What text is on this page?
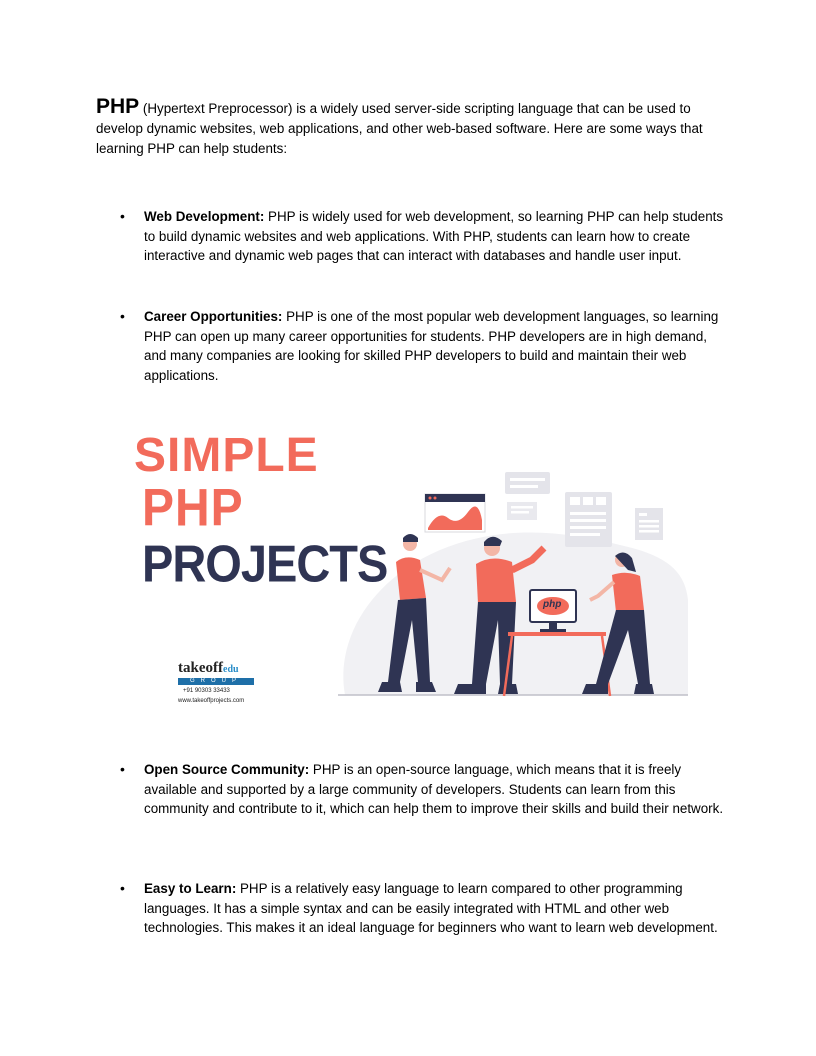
PHP (Hypertext Preprocessor) is a widely used server-side scripting language that can be used to develop dynamic websites, web applications, and other web-based software. Here are some ways that learning PHP can help students:

• Web Development: PHP is widely used for web development, so learning PHP can help students to build dynamic websites and web applications. With PHP, students can learn how to create interactive and dynamic web pages that can interact with databases and handle user input.

• Career Opportunities: PHP is one of the most popular web development languages, so learning PHP can open up many career opportunities for students. PHP developers are in high demand, and many companies are looking for skilled PHP developers to build and maintain their web applications.

SIMPLE

PHP

PROJECTS

php

takeoffedu

GROUP

+91 90303 33433

www.takeoffprojects.com

• Open Source Community: PHP is an open-source language, which means that it is freely available and supported by a large community of developers. Students can learn from this community and contribute to it, which can help them to improve their skills and build their network.

• Easy to Learn: PHP is a relatively easy language to learn compared to other programming languages. It has a simple syntax and can be easily integrated with HTML and other web technologies. This makes it an ideal language for beginners who want to learn web development.
